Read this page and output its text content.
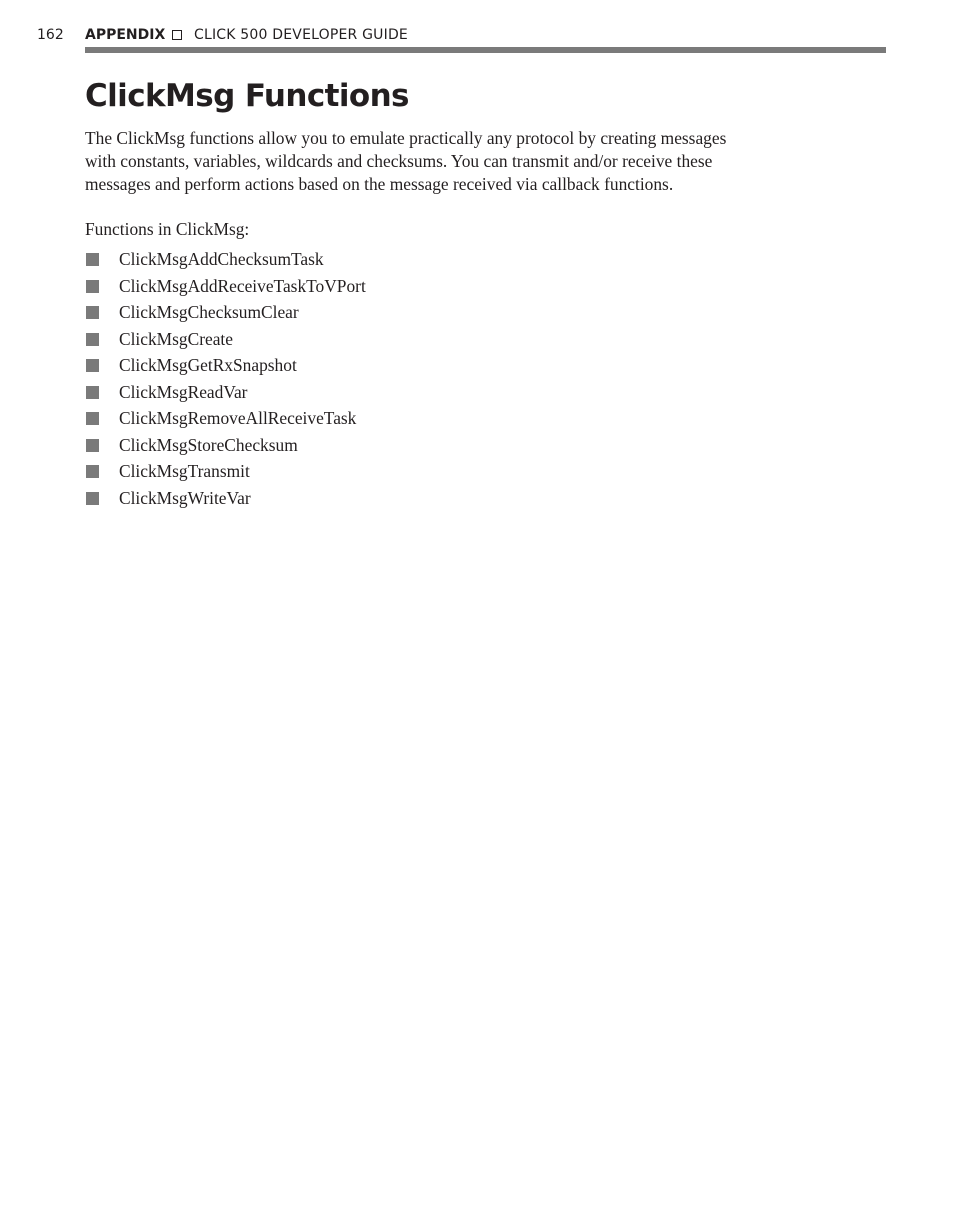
162 APPENDIX CLICK 500 DEVELOPER GUIDE
ClickMsg Functions

The ClickMsg functions allow you to emulate practically any protocol by creating messages
with constants, variables, wildcards and checksums. You can transmit and/or receive these
messages and perform actions based on the message received via callback functions.

Functions in ClickMsg:

ClickMsgAddChecksumTask
ClickMsgAddReceiveTaskToVPort
ClickMsgChecksumClear
ClickMsgCreate
ClickMsgGetRxSnapshot
ClickMsgReadVar
ClickMsgRemoveAllReceiveTask
ClickMsgStoreChecksum
ClickMsgTransmit
ClickMsgWriteVar
